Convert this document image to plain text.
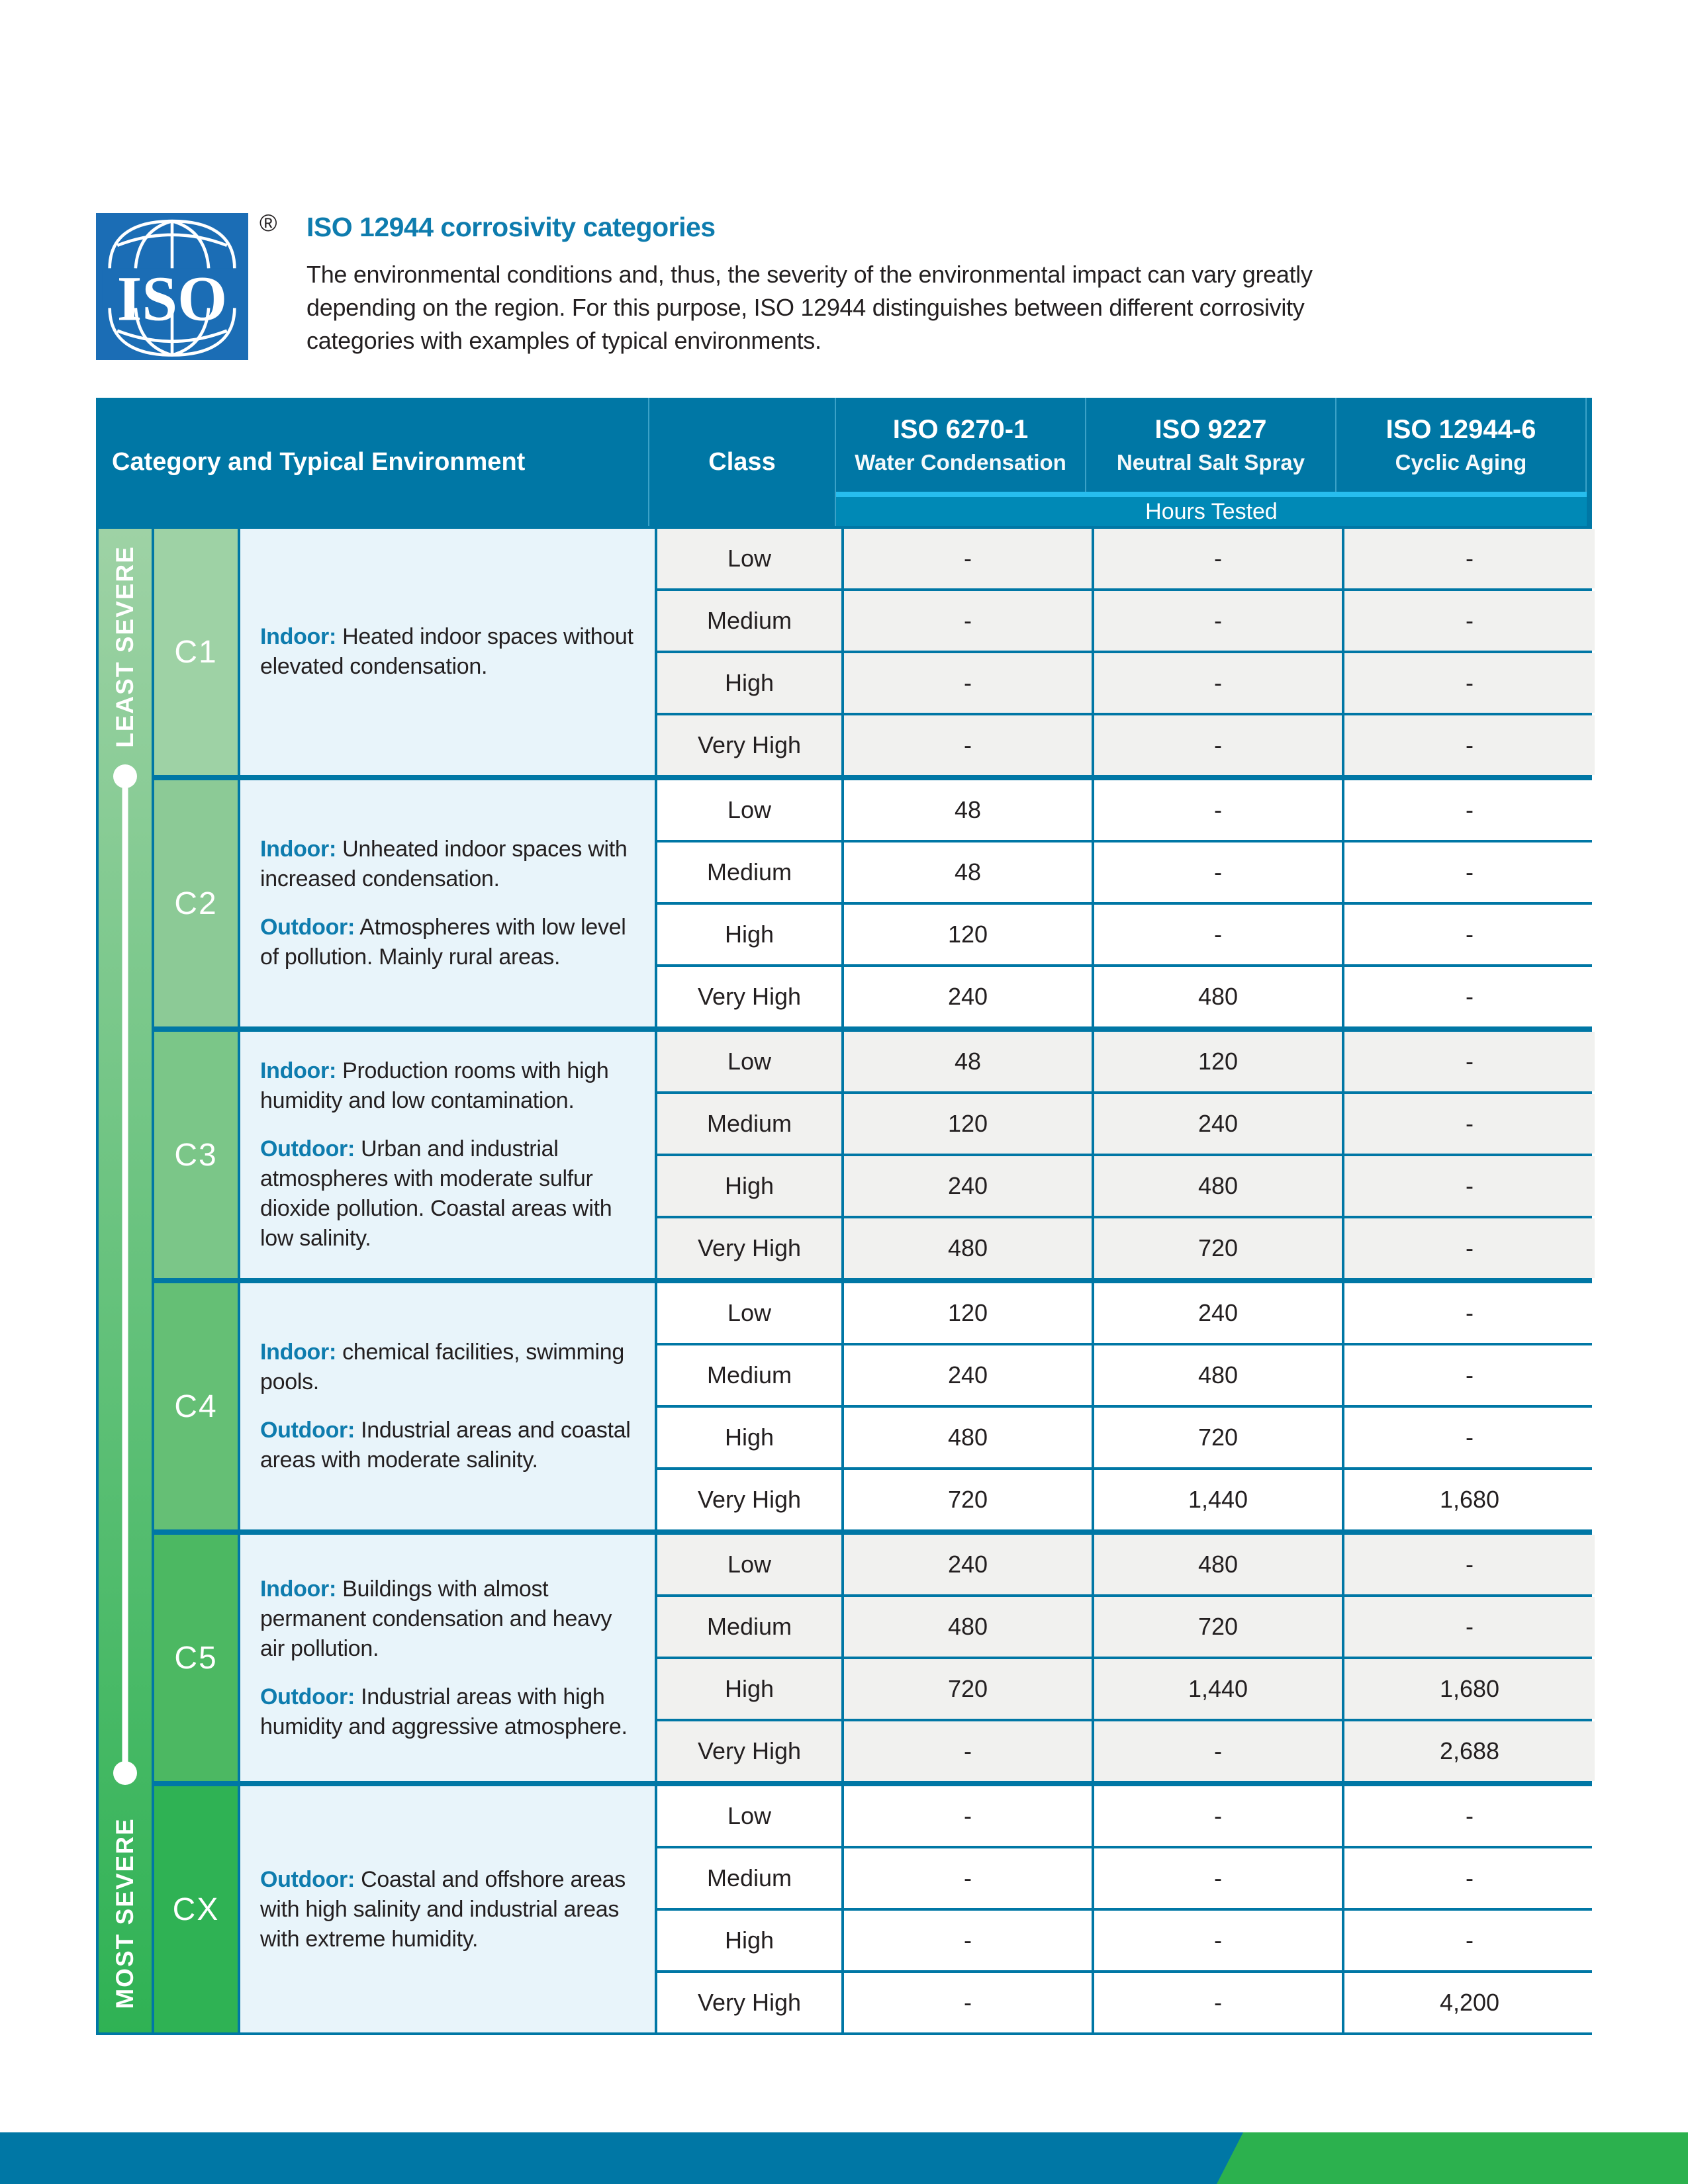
ISO
® ISO 12944 corrosivity categories

The environmental conditions and, thus, the severity of the environmental impact can vary greatly depending on the region. For this purpose, ISO 12944 distinguishes between different corrosivity categories with examples of typical environments.

Category and Typical Environment	Class
ISO 6270-1
Water Condensation
ISO 9227
Neutral Salt Spray
ISO 12944-6
Cyclic Aging
Hours Tested
LEAST SEVERE
MOST SEVERE
C1	Indoor: Heated indoor spaces without elevated condensation.

Low	-	-	-
Medium	-	-	-
High	-	-	-
Very High	-	-	-
C2

Indoor: Unheated indoor spaces with increased condensation.

Outdoor: Atmospheres with low level of pollution. Mainly rural areas.

Low	48	-	-
Medium	48	-	-
High	120	-	-
Very High	240	480	-
C3

Indoor: Production rooms with high humidity and low contamination.

Outdoor: Urban and industrial atmospheres with moderate sulfur dioxide pollution. Coastal areas with low salinity.

Low	48	120	-
Medium	120	240	-
High	240	480	-
Very High	480	720	-
C4

Indoor: chemical facilities, swimming pools.

Outdoor: Industrial areas and coastal areas with moderate salinity.

Low	120	240	-
Medium	240	480	-
High	480	720	-
Very High	720	1,440	1,680
C5

Indoor: Buildings with almost permanent condensation and heavy air pollution.

Outdoor: Industrial areas with high humidity and aggressive atmosphere.

Low	240	480	-
Medium	480	720	-
High	720	1,440	1,680
Very High	-	-	2,688
CX

Outdoor: Coastal and offshore areas with high salinity and industrial areas with extreme humidity.

Low	-	-	-
Medium	-	-	-
High	-	-	-
Very High	-	-	4,200
